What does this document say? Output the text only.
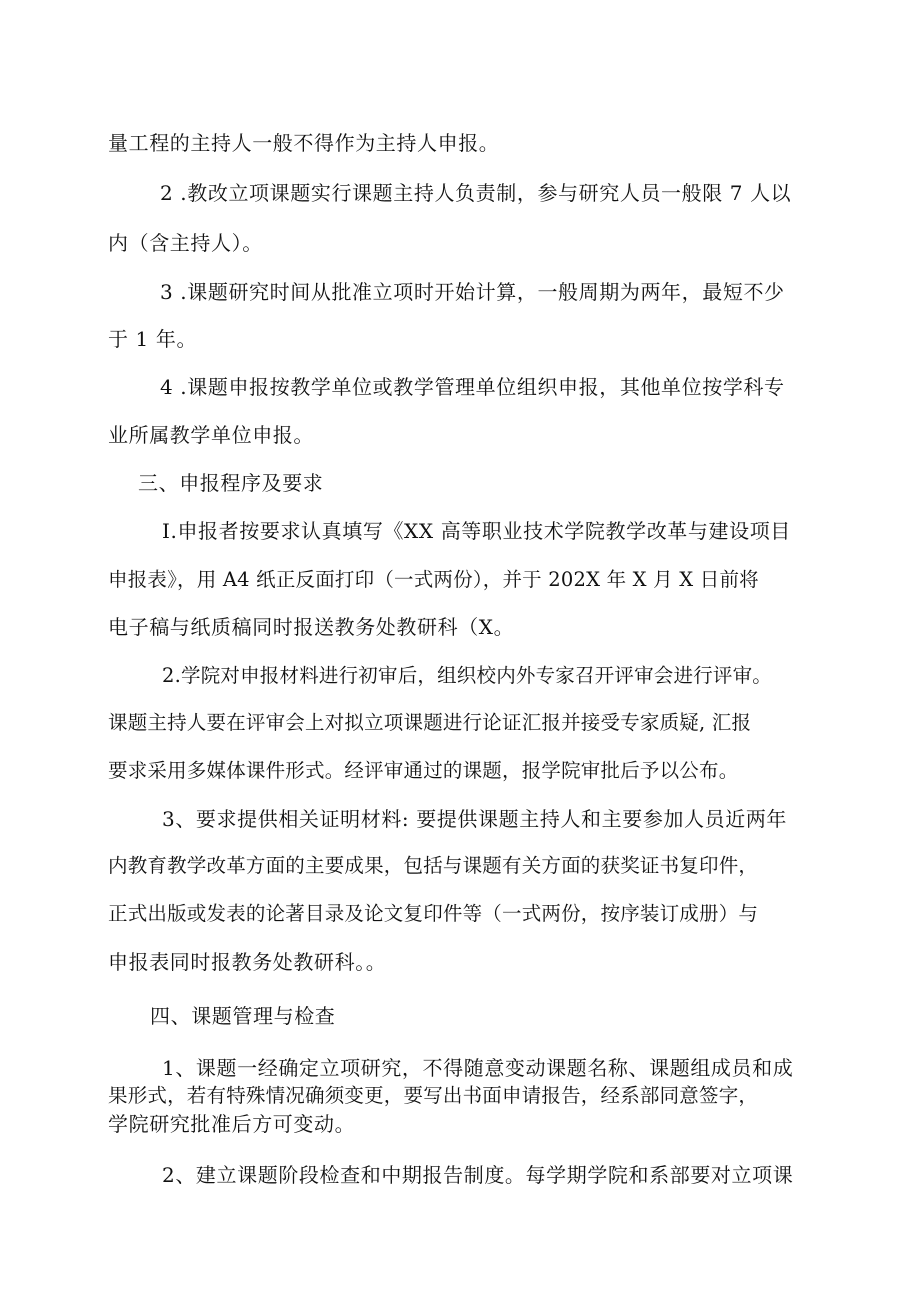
量工程的主持人一般不得作为主持人申报。
2 .教改立项课题实行课题主持人负责制，参与研究人员一般限 7 人以
内（含主持人）。
3 .课题研究时间从批准立项时开始计算，一般周期为两年，最短不少
于 1 年。
4 .课题申报按教学单位或教学管理单位组织申报，其他单位按学科专
业所属教学单位申报。
三、申报程序及要求
I.申报者按要求认真填写《XX 高等职业技术学院教学改革与建设项目
申报表》，用 A4 纸正反面打印（一式两份），并于 202X 年 X 月 X 日前将
电子稿与纸质稿同时报送教务处教研科（X。
2.学院对申报材料进行初审后，组织校内外专家召开评审会进行评审。
课题主持人要在评审会上对拟立项课题进行论证汇报并接受专家质疑, 汇报
要求采用多媒体课件形式。经评审通过的课题，报学院审批后予以公布。
3、要求提供相关证明材料: 要提供课题主持人和主要参加人员近两年
内教育教学改革方面的主要成果，包括与课题有关方面的获奖证书复印件，
正式出版或发表的论著目录及论文复印件等（一式两份，按序装订成册）与
申报表同时报教务处教研科。。
四、课题管理与检查
1、课题一经确定立项研究，不得随意变动课题名称、课题组成员和成
果形式，若有特殊情况确须变更，要写出书面申请报告，经系部同意签字，
学院研究批准后方可变动。
2、建立课题阶段检查和中期报告制度。每学期学院和系部要对立项课
